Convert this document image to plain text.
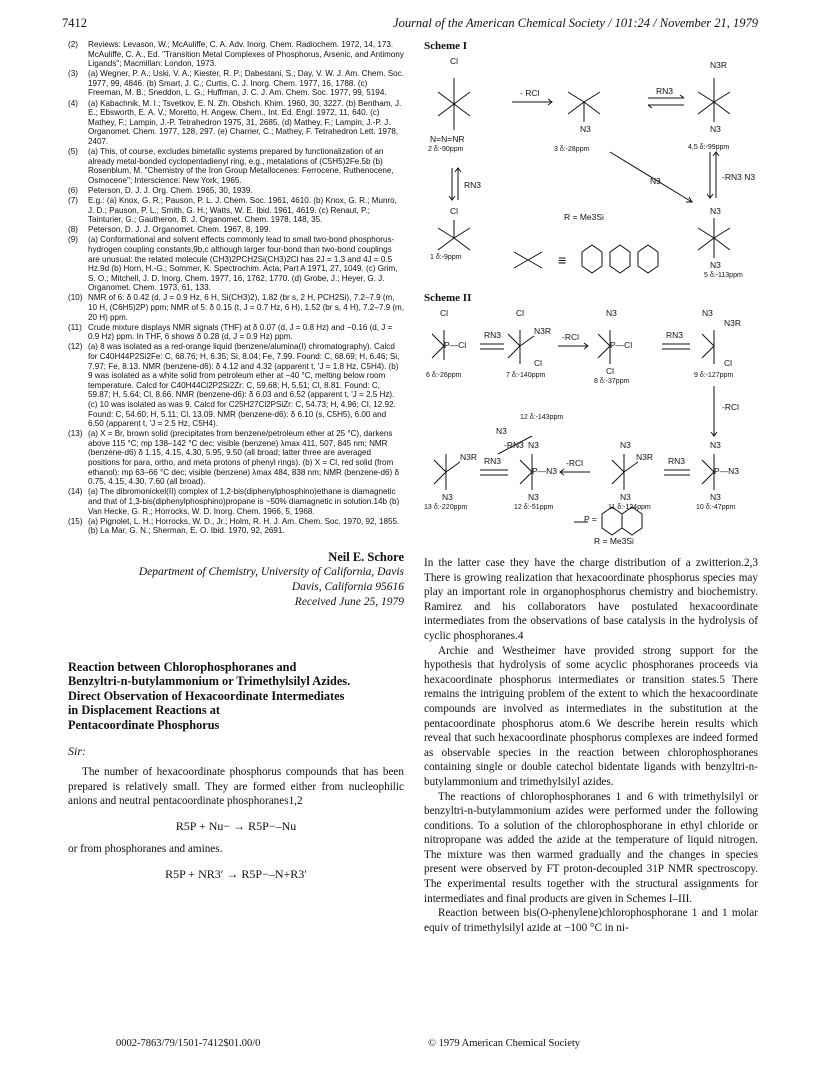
7412	Journal of the American Chemical Society / 101:24 / November 21, 1979
(2)	Reviews: Levason, W.; McAuliffe, C. A. Adv. Inorg. Chem. Radiochem. 1972, 14, 173. McAuliffe, C. A., Ed. "Transition Metal Complexes of Phosphorus, Arsenic, and Antimony Ligands"; Macmillan: London, 1973.
(3)	(a) Wegner, P. A.; Uski, V. A.; Kiester, R. P.; Dabestani, S.; Day, V. W. J. Am. Chem. Soc. 1977, 99, 4846. (b) Smart, J. C.; Curtis, C. J. Inorg. Chem. 1977, 16, 1788. (c) Freeman, M. B.; Sneddon, L. G.; Huffman, J. C. J. Am. Chem. Soc. 1977, 99, 5194.
(4)	(a) Kabachnik, M. I.; Tsvetkov, E. N. Zh. Obshch. Khim. 1960, 30, 3227. (b) Bentham, J. E.; Ebsworth, E. A. V.; Moretto, H. Angew. Chem., Int. Ed. Engl. 1972, 11, 640. (c) Mathey, F.; Lampin, J.-P. Tetrahedron 1975, 31, 2685. (d) Mathey, F.; Lampin, J.-P. J. Organomet. Chem. 1977, 128, 297. (e) Charrier, C.; Mathey, F. Tetrahedron Lett. 1978, 2407.
(5)	(a) This, of course, excludes bimetallic systems prepared by functionalization of an already metal-bonded cyclopentadienyl ring, e.g., metalations of (C5H5)2Fe.5b (b) Rosenblum, M. "Chemistry of the Iron Group Metallocenes: Ferrocene, Ruthenocene, Osmocene"; Interscience: New York, 1965.
(6)	Peterson, D. J. J. Org. Chem. 1965, 30, 1939.
(7)	E.g.: (a) Knox, G. R.; Pauson, P. L. J. Chem. Soc. 1961, 4610. (b) Knox, G. R.; Munro, J. D.; Pauson, P. L.; Smith, G. H.; Watts, W. E. Ibid. 1961, 4619. (c) Renaut, P.; Tainturier, G.; Gautheron, B. J. Organomet. Chem. 1978, 148, 35.
(8)	Peterson, D. J. J. Organomet. Chem. 1967, 8, 199.
(9)	(a) Conformational and solvent effects commonly lead to small two-bond phosphorus-hydrogen coupling constants,9b,c although larger four-bond than two-bond couplings are unusual: the related molecule (CH3)2PCH2Si(CH3)2Cl has 2J = 1.3 and 4J = 0.5 Hz.9d (b) Horn, H.-G.; Sommer, K. Spectrochim. Acta, Part A 1971, 27, 1049. (c) Grim, S. O.; Mitchell, J. D. Inorg. Chem. 1977, 16, 1762, 1770. (d) Grobe, J.; Heyer, G. J. Organomet. Chem. 1973, 61, 133.
(10) NMR of 6: δ 0.42 (d, J = 0.9 Hz, 6 H, Si(CH3)2), 1.82 (br s, 2 H, PCH2Si), 7.2–7.9 (m, 10 H, (C6H5)2P) ppm; NMR of 5: δ 0.15 (t, J = 0.7 Hz, 6 H), 1.52 (br s, 4 H), 7.2–7.9 (m, 20 H) ppm.
(11) Crude mixture displays NMR signals (THF) at δ 0.07 (d, J = 0.8 Hz) and −0.16 (d, J = 0.9 Hz) ppm. In THF, 6 shows δ 0.28 (d, J = 0.9 Hz) ppm.
(12) (a) 8 was isolated as a red-orange liquid (benzene/alumina(I) chromatography). Calcd for C40H44P2Si2Fe: C, 68.76; H, 6.35; Si, 8.04; Fe, 7.99. Found: C, 68.69; H, 6.46; Si, 7.97; Fe, 8.13. NMR (benzene-d6): δ 4.12 and 4.32 (apparent t, 'J = 1.8 Hz, C5H4). (b) 9 was isolated as a white solid from petroleum ether at −40 °C, melting below room temperature. Calcd for C40H44Cl2P2Si2Zr: C, 59.68; H, 5.51; Cl, 8.81. Found: C, 59.87; H, 5.64; Cl, 8.66. NMR (benzene-d6): δ 6.03 and 6.52 (apparent t, 'J = 2.5 Hz). (c) 10 was isolated as was 9. Calcd for C25H27Cl2PSiZr: C, 54.73; H, 4.96; Cl, 12.92. Found: C, 54.60; H, 5.11; Cl, 13.09. NMR (benzene-d6): δ 6.10 (s, C5H5), 6.00 and 6.50 (apparent t, 'J = 2.5 Hz, C5H4).
(13) (a) X = Br, brown solid (precipitates from benzene/petroleum ether at 25 °C), darkens above 115 °C; mp 138–142 °C dec; visible (benzene) λmax 411, 507, 845 nm; NMR (benzene-d6) δ 1.15, 4.15, 4.30, 5.95, 9.50 (all broad; latter three are averaged positions for para, ortho, and meta protons of phenyl rings). (b) X = Cl, red solid (from ethanol): mp 63–66 °C dec; visible (benzene) λmax 484, 838 nm; NMR (benzene-d6) δ 0.75, 4.15, 4.30, 7.60 (all broad).
(14) (a) The dibromonickel(II) complex of 1,2-bis(diphenylphosphino)ethane is diamagnetic and that of 1,3-bis(diphenylphosphino)propane is ~50% diamagnetic in solution.14b (b) Van Hecke, G. R.; Horrocks, W. D. Inorg. Chem. 1966, 5, 1968.
(15) (a) Pignolet, L. H.; Horrocks, W. D., Jr.; Holm, R. H. J. Am. Chem. Soc. 1970, 92, 1855. (b) La Mar, G. N.; Sherman, E. O. Ibid. 1970, 92, 2691.
Neil E. Schore
Department of Chemistry, University of California, Davis
Davis, California 95616
Received June 25, 1979
Reaction between Chlorophosphoranes and
Benzyltri-n-butylammonium or Trimethylsilyl Azides.
Direct Observation of Hexacoordinate Intermediates
in Displacement Reactions at
Pentacoordinate Phosphorus
Sir:

The number of hexacoordinate phosphorus compounds that has been prepared is relatively small. They are formed either from nucleophilic anions and neutral pentacoordinate phosphoranes1,2

R5P + Nu− → R5P−–Nu

or from phosphoranes and amines.

R5P + NR3′ → R5P−–N+R3′
Scheme I
Cl	N3R
- RCl	RN3
N=N=NR
N3	N3
2 δ:-90ppm	3 δ:-28ppm	4,5 δ:-99ppm
RN3	N3	-RN3 N3
Cl
R = Me3Si
N3
N3
1 δ:-9ppm
5 δ:-113ppm
≡
Scheme II
Cl
P—Cl
RN3
Cl
N3R
Cl
-RCl
N3
P—Cl
Cl
RN3
N3
N3R
Cl
6 δ:-26ppm	7 δ:-140ppm
8 δ:-37ppm
9 δ:-127ppm
-RCl
12 δ:-143ppm
N3
-RN3
N3R
N3
RN3
N3
P—N3
N3
-RCl
N3
N3R
N3
RN3
N3
P—N3
N3
13 δ:-220ppm	12 δ:-51ppm	11 δ:-124ppm	10 δ:-47ppm
P =
R = Me3Si

In the latter case they have the charge distribution of a zwitterion.2,3 There is growing realization that hexacoordinate phosphorus species may play an important role in organophosphorus chemistry and biochemistry. Ramirez and his collaborators have postulated hexacoordinate intermediates from the observations of base catalysis in the hydrolysis of cyclic phosphoranes.4

Archie and Westheimer have provided strong support for the hypothesis that hydrolysis of some acyclic phosphoranes proceeds via hexacoordinate phosphorus intermediates or transition states.5 There remains the intriguing problem of the extent to which the hexacoordinate compounds are involved as intermediates in the substitution at the pentacoordinate phosphorus atom.6 We describe herein results which reveal that such hexacoordinate phosphorus complexes are indeed formed as observable species in the reaction between chlorophosphoranes containing single or double catechol bidentate ligands with benzyltri-n-butylammonium and trimethylsilyl azides.

The reactions of chlorophosphoranes 1 and 6 with trimethylsilyl or benzyltri-n-butylammonium azides were performed under the following conditions. To a solution of the chlorophosphorane in ethyl chloride or nitropropane was added the azide at the temperature of liquid nitrogen. The mixture was then warmed gradually and the changes in species present were observed by FT proton-decoupled 31P NMR spectroscopy. The experimental results together with the structural assignments for intermediates and final products are given in Schemes I–III.

Reaction between bis(O-phenylene)chlorophosphorane 1 and 1 molar equiv of trimethylsilyl azide at −100 °C in ni-

0002-7863/79/1501-7412$01.00/0	© 1979 American Chemical Society
